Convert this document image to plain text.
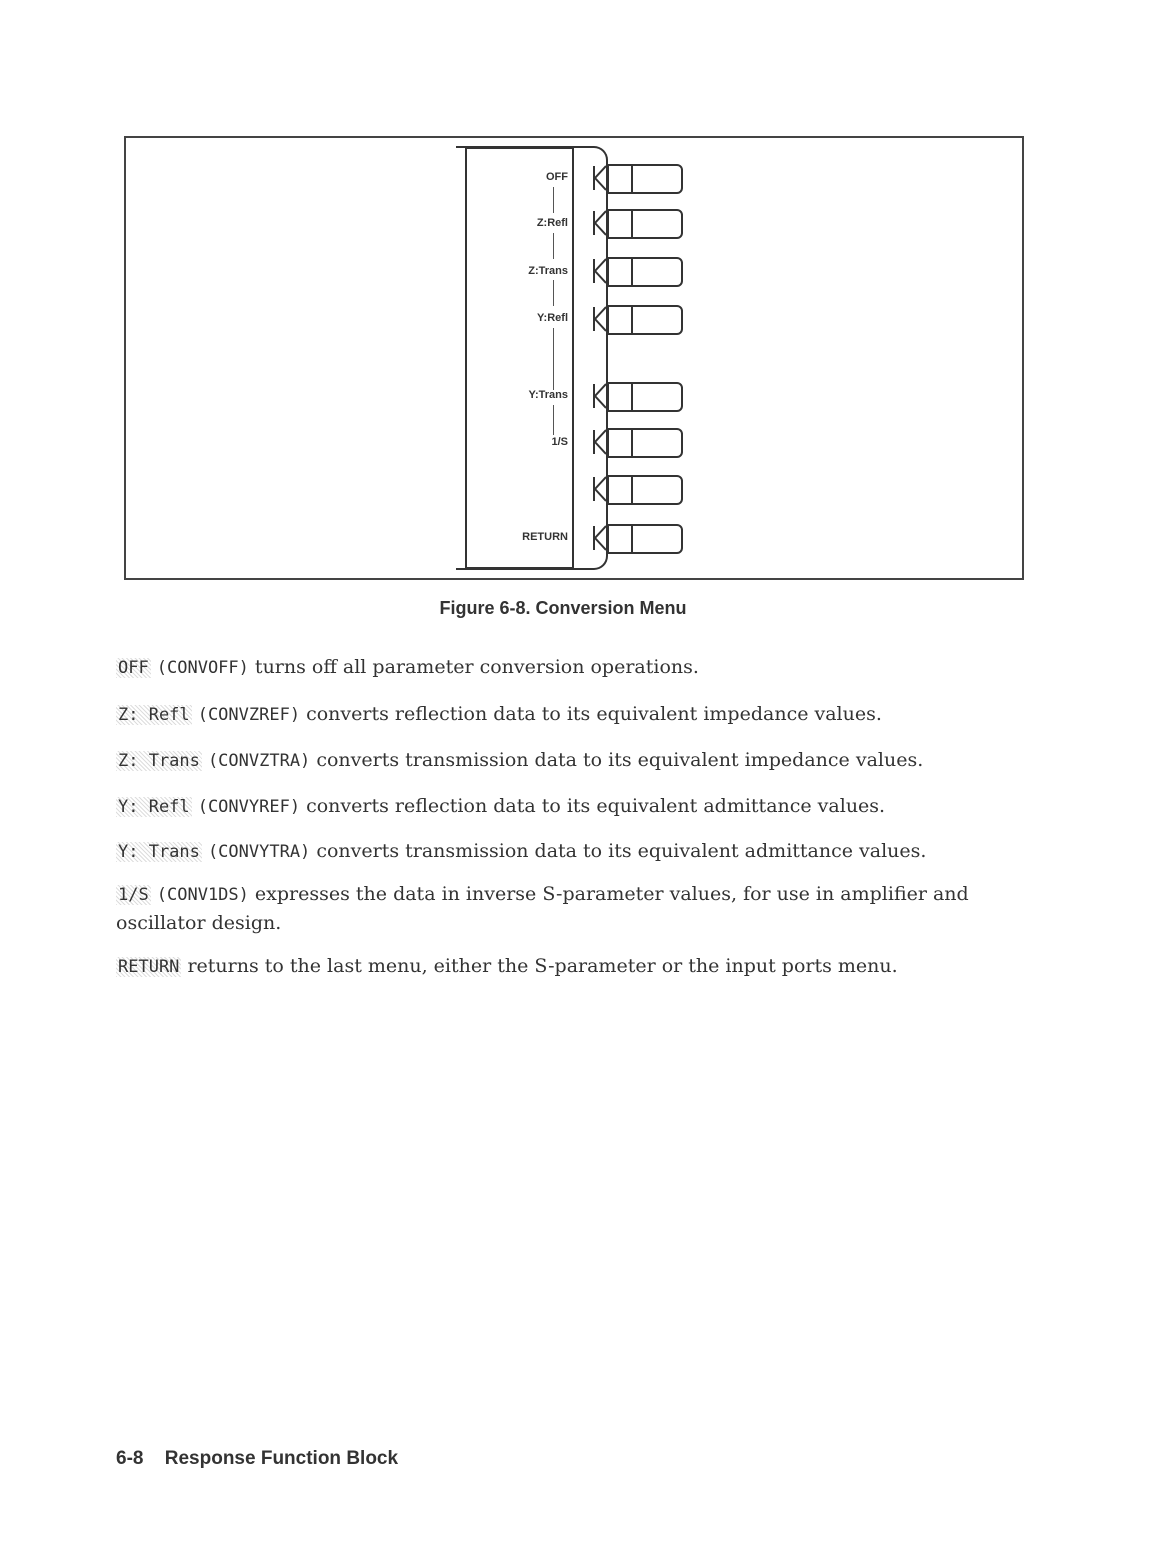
OFF
Z:Refl
Z:Trans
Y:Refl
Y:Trans
1/S
RETURN
Figure 6-8. Conversion Menu
OFF (CONVOFF) turns off all parameter conversion operations.
Z: Refl (CONVZREF) converts reflection data to its equivalent impedance values.
Z: Trans (CONVZTRA) converts transmission data to its equivalent impedance values.
Y: Refl (CONVYREF) converts reflection data to its equivalent admittance values.
Y: Trans (CONVYTRA) converts transmission data to its equivalent admittance values.
1/S (CONV1DS) expresses the data in inverse S-parameter values, for use in amplifier and oscillator design.
RETURN returns to the last menu, either the S-parameter or the input ports menu.
6-8 Response Function Block
